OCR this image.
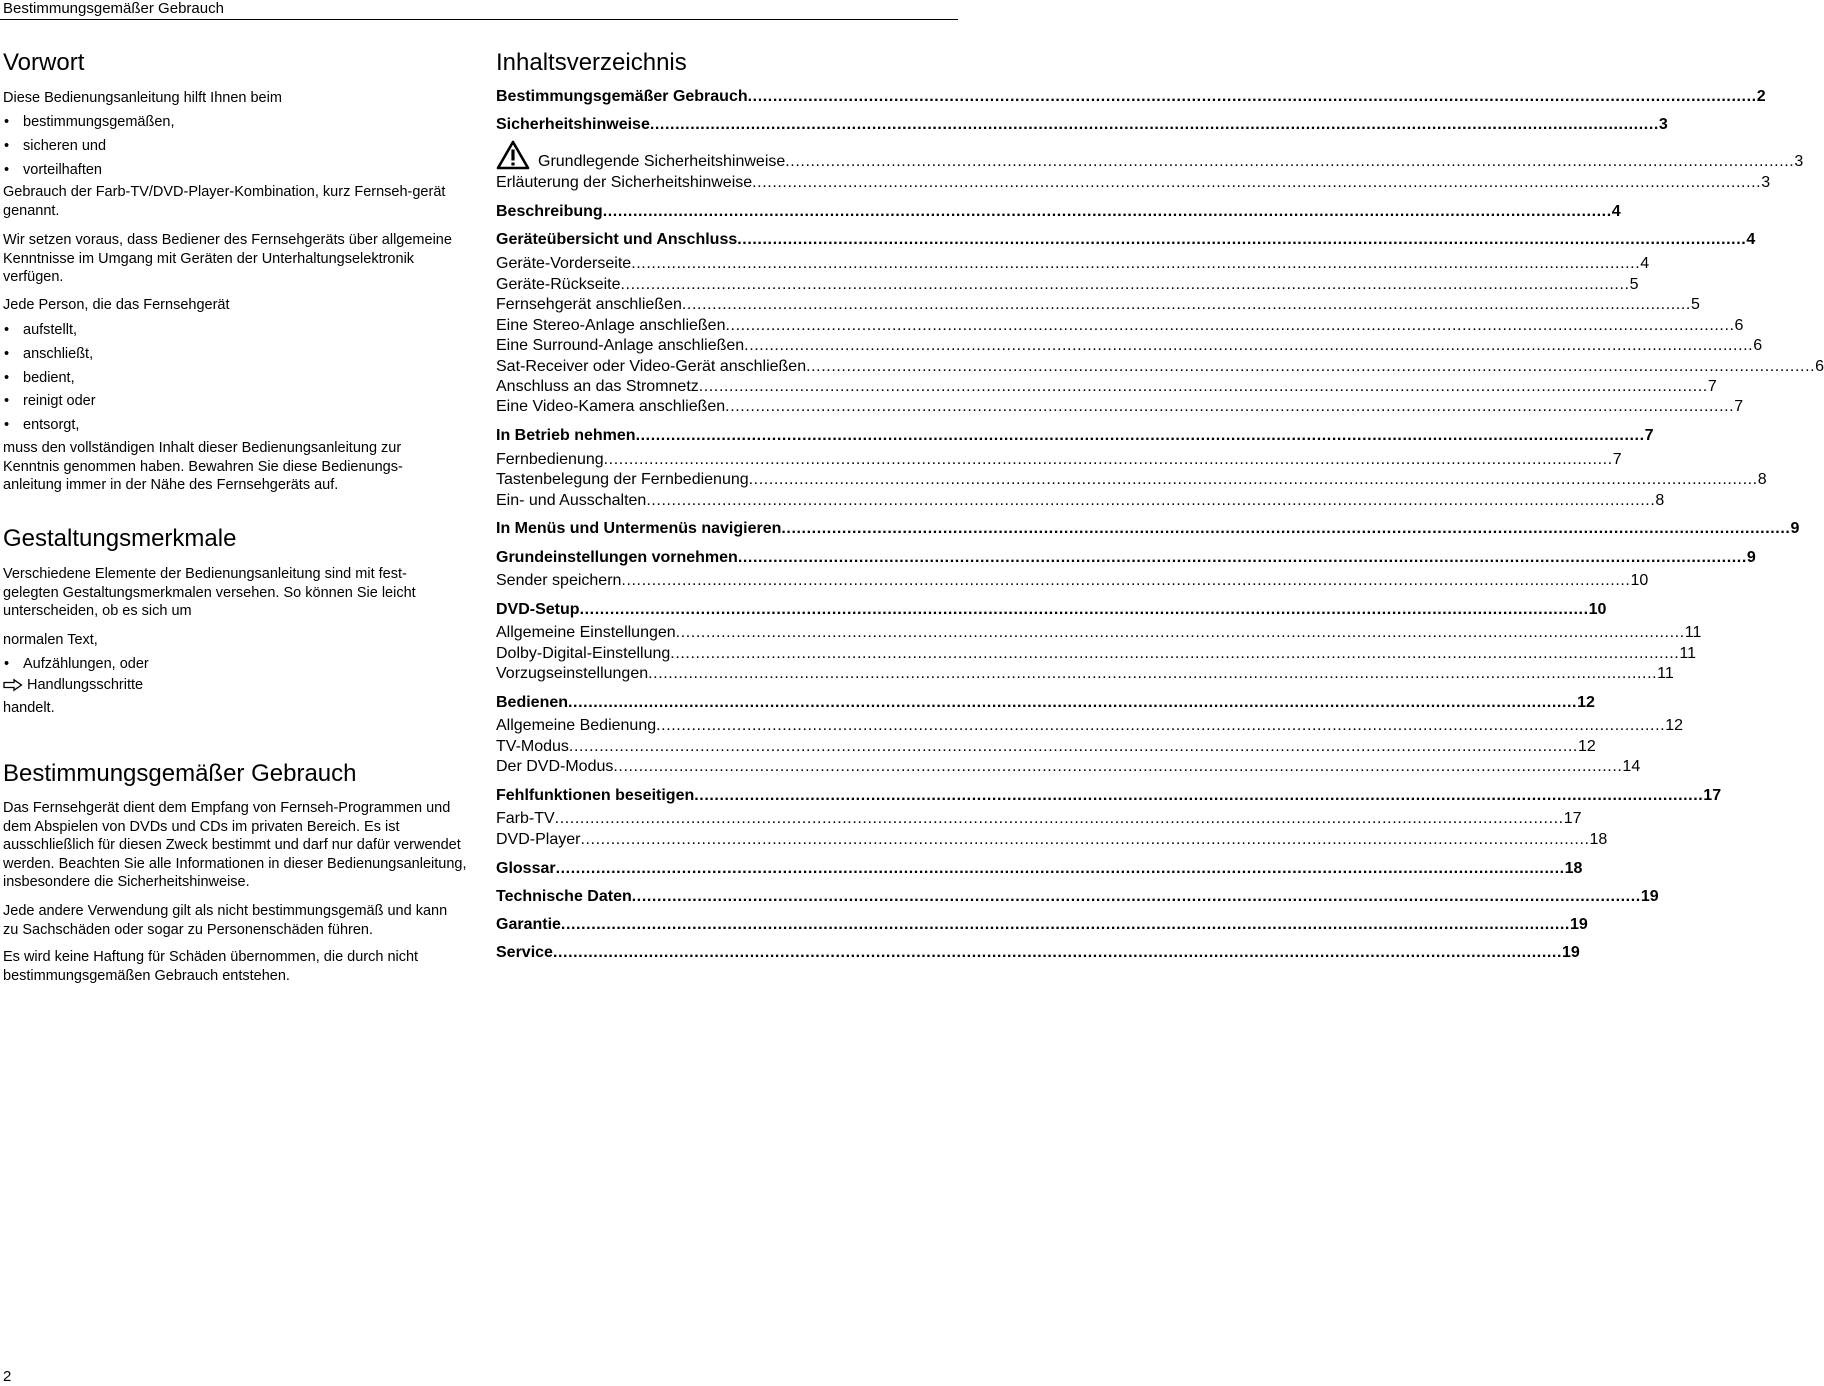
Bestimmungsgemäßer Gebrauch
Vorwort
Diese Bedienungsanleitung hilft Ihnen beim
• bestimmungsgemäßen,
• sicheren und
• vorteilhaften
Gebrauch der Farb-TV/DVD-Player-Kombination, kurz Fernseh-gerät genannt.
Wir setzen voraus, dass Bediener des Fernsehgeräts über allgemeine Kenntnisse im Umgang mit Geräten der Unterhaltungselektronik verfügen.
Jede Person, die das Fernsehgerät
• aufstellt,
• anschließt,
• bedient,
• reinigt oder
• entsorgt,
muss den vollständigen Inhalt dieser Bedienungsanleitung zur Kenntnis genommen haben. Bewahren Sie diese Bedienungs-anleitung immer in der Nähe des Fernsehgeräts auf.
Gestaltungsmerkmale
Verschiedene Elemente der Bedienungsanleitung sind mit fest-gelegten Gestaltungsmerkmalen versehen. So können Sie leicht unterscheiden, ob es sich um
normalen Text,
• Aufzählungen, oder
Handlungsschritte
handelt.
Bestimmungsgemäßer Gebrauch
Das Fernsehgerät dient dem Empfang von Fernseh-Programmen und dem Abspielen von DVDs und CDs im privaten Bereich. Es ist ausschließlich für diesen Zweck bestimmt und darf nur dafür verwendet werden. Beachten Sie alle Informationen in dieser Bedienungsanleitung, insbesondere die Sicherheitshinweise.
Jede andere Verwendung gilt als nicht bestimmungsgemäß und kann zu Sachschäden oder sogar zu Personenschäden führen.
Es wird keine Haftung für Schäden übernommen, die durch nicht bestimmungsgemäßen Gebrauch entstehen.
Inhaltsverzeichnis
Bestimmungsgemäßer Gebrauch ........................................................................................................................................................................................................ 2
Sicherheitshinweise ........................................................................................................................................................................................................ 3
Grundlegende Sicherheitshinweise ........................................................................................................................................................................................................ 3
Erläuterung der Sicherheitshinweise ........................................................................................................................................................................................................ 3
Beschreibung ........................................................................................................................................................................................................ 4
Geräteübersicht und Anschluss ........................................................................................................................................................................................................ 4
Geräte-Vorderseite ........................................................................................................................................................................................................ 4
Geräte-Rückseite ........................................................................................................................................................................................................ 5
Fernsehgerät anschließen ........................................................................................................................................................................................................ 5
Eine Stereo-Anlage anschließen ........................................................................................................................................................................................................ 6
Eine Surround-Anlage anschließen ........................................................................................................................................................................................................ 6
Sat-Receiver oder Video-Gerät anschließen ........................................................................................................................................................................................................ 6
Anschluss an das Stromnetz ........................................................................................................................................................................................................ 7
Eine Video-Kamera anschließen ........................................................................................................................................................................................................ 7
In Betrieb nehmen ........................................................................................................................................................................................................ 7
Fernbedienung ........................................................................................................................................................................................................ 7
Tastenbelegung der Fernbedienung ........................................................................................................................................................................................................ 8
Ein- und Ausschalten ........................................................................................................................................................................................................ 8
In Menüs und Untermenüs navigieren ........................................................................................................................................................................................................ 9
Grundeinstellungen vornehmen ........................................................................................................................................................................................................ 9
Sender speichern ........................................................................................................................................................................................................ 10
DVD-Setup ........................................................................................................................................................................................................ 10
Allgemeine Einstellungen ........................................................................................................................................................................................................ 11
Dolby-Digital-Einstellung ........................................................................................................................................................................................................ 11
Vorzugseinstellungen ........................................................................................................................................................................................................ 11
Bedienen ........................................................................................................................................................................................................ 12
Allgemeine Bedienung ........................................................................................................................................................................................................ 12
TV-Modus ........................................................................................................................................................................................................ 12
Der DVD-Modus ........................................................................................................................................................................................................ 14
Fehlfunktionen beseitigen ........................................................................................................................................................................................................ 17
Farb-TV ........................................................................................................................................................................................................ 17
DVD-Player ........................................................................................................................................................................................................ 18
Glossar ........................................................................................................................................................................................................ 18
Technische Daten ........................................................................................................................................................................................................ 19
Garantie ........................................................................................................................................................................................................ 19
Service ........................................................................................................................................................................................................ 19
2
